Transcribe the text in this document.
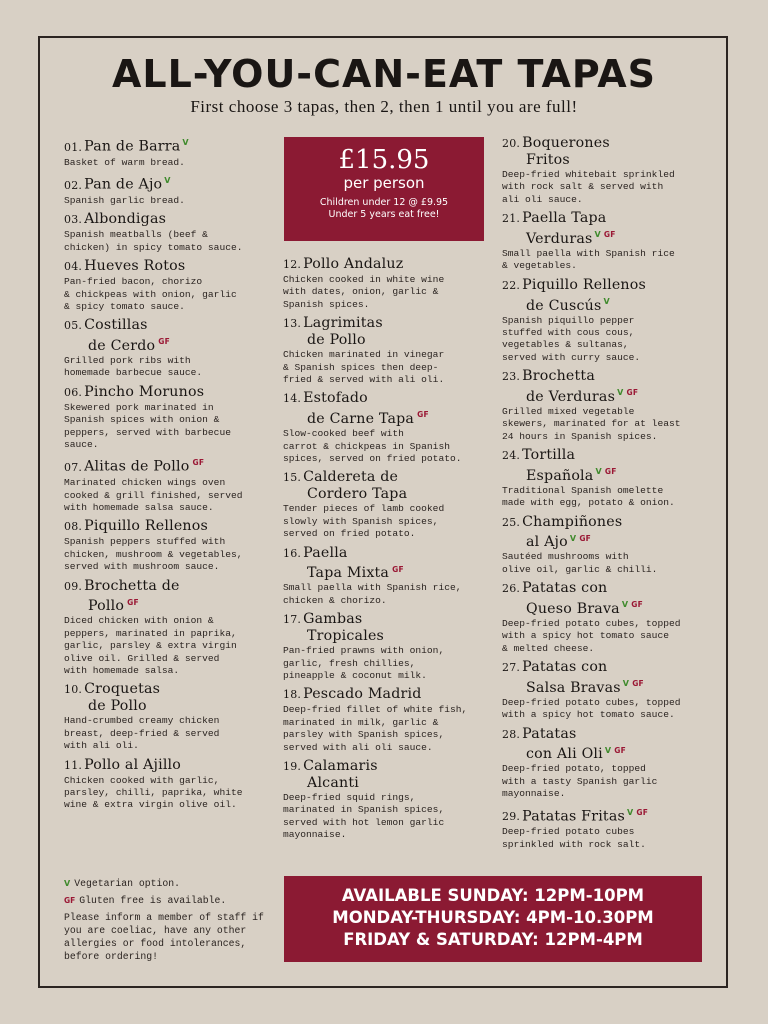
ALL-YOU-CAN-EAT TAPAS
First choose 3 tapas, then 2, then 1 until you are full!
01. Pan de Barra $^V$
Basket of warm bread.
02. Pan de Ajo $^V$
Spanish garlic bread.
03. Albondigas
Spanish meatballs (beef &
chicken) in spicy tomato sauce.
04. Hueves Rotos
Pan-fried bacon, chorizo
& chickpeas with onion, garlic
& spicy tomato sauce.
05. Costillas
de Cerdo $^{GF}$
Grilled pork ribs with
homemade barbecue sauce.
06. Pincho Morunos
Skewered pork marinated in
Spanish spices with onion &
peppers, served with barbecue
sauce.
07. Alitas de Pollo $^{GF}$
Marinated chicken wings oven
cooked & grill finished, served
with homemade salsa sauce.
08. Piquillo Rellenos
Spanish peppers stuffed with
chicken, mushroom & vegetables,
served with mushroom sauce.
09. Brochetta de
Pollo $^{GF}$
Diced chicken with onion &
peppers, marinated in paprika,
garlic, parsley & extra virgin
olive oil. Grilled & served
with homemade salsa.
10. Croquetas
de Pollo
Hand-crumbed creamy chicken
breast, deep-fried & served
with ali oli.
11. Pollo al Ajillo
Chicken cooked with garlic,
parsley, chilli, paprika, white
wine & extra virgin olive oil.
12. Pollo Andaluz
Chicken cooked in white wine
with dates, onion, garlic &
Spanish spices.
13. Lagrimitas
de Pollo
Chicken marinated in vinegar
& Spanish spices then deep-
fried & served with ali oli.
14. Estofado
de Carne Tapa $^{GF}$
Slow-cooked beef with
carrot & chickpeas in Spanish
spices, served on fried potato.
15. Caldereta de
Cordero Tapa
Tender pieces of lamb cooked
slowly with Spanish spices,
served on fried potato.
16. Paella
Tapa Mixta $^{GF}$
Small paella with Spanish rice,
chicken & chorizo.
17. Gambas
Tropicales
Pan-fried prawns with onion,
garlic, fresh chillies,
pineapple & coconut milk.
18. Pescado Madrid
Deep-fried fillet of white fish,
marinated in milk, garlic &
parsley with Spanish spices,
served with ali oli sauce.
19. Calamaris
Alcanti
Deep-fried squid rings,
marinated in Spanish spices,
served with hot lemon garlic
mayonnaise.
20. Boquerones
Fritos
Deep-fried whitebait sprinkled
with rock salt & served with
ali oli sauce.
21. Paella Tapa
Verduras $^V$ $^{GF}$
Small paella with Spanish rice
& vegetables.
22. Piquillo Rellenos
de Cuscús $^V$
Spanish piquillo pepper
stuffed with cous cous,
vegetables & sultanas,
served with curry sauce.
23. Brochetta
de Verduras $^V$ $^{GF}$
Grilled mixed vegetable
skewers, marinated for at least
24 hours in Spanish spices.
24. Tortilla
Española $^V$ $^{GF}$
Traditional Spanish omelette
made with egg, potato & onion.
25. Champiñones
al Ajo $^V$ $^{GF}$
Sautéed mushrooms with
olive oil, garlic & chilli.
26. Patatas con
Queso Brava $^V$ $^{GF}$
Deep-fried potato cubes, topped
with a spicy hot tomato sauce
& melted cheese.
27. Patatas con
Salsa Bravas $^V$ $^{GF}$
Deep-fried potato cubes, topped
with a spicy hot tomato sauce.
28. Patatas
con Ali Oli $^V$ $^{GF}$
Deep-fried potato, topped
with a tasty Spanish garlic
mayonnaise.
29. Patatas Fritas $^V$ $^{GF}$
Deep-fried potato cubes
sprinkled with rock salt.
£15.95
per person
Children under 12 @ £9.95
Under 5 years eat free!
V Vegetarian option.
GF Gluten free is available.
Please inform a member of staff if you are coeliac, have any other allergies or food intolerances, before ordering!
AVAILABLE SUNDAY: 12PM-10PM
MONDAY-THURSDAY: 4PM-10.30PM
FRIDAY & SATURDAY: 12PM-4PM
